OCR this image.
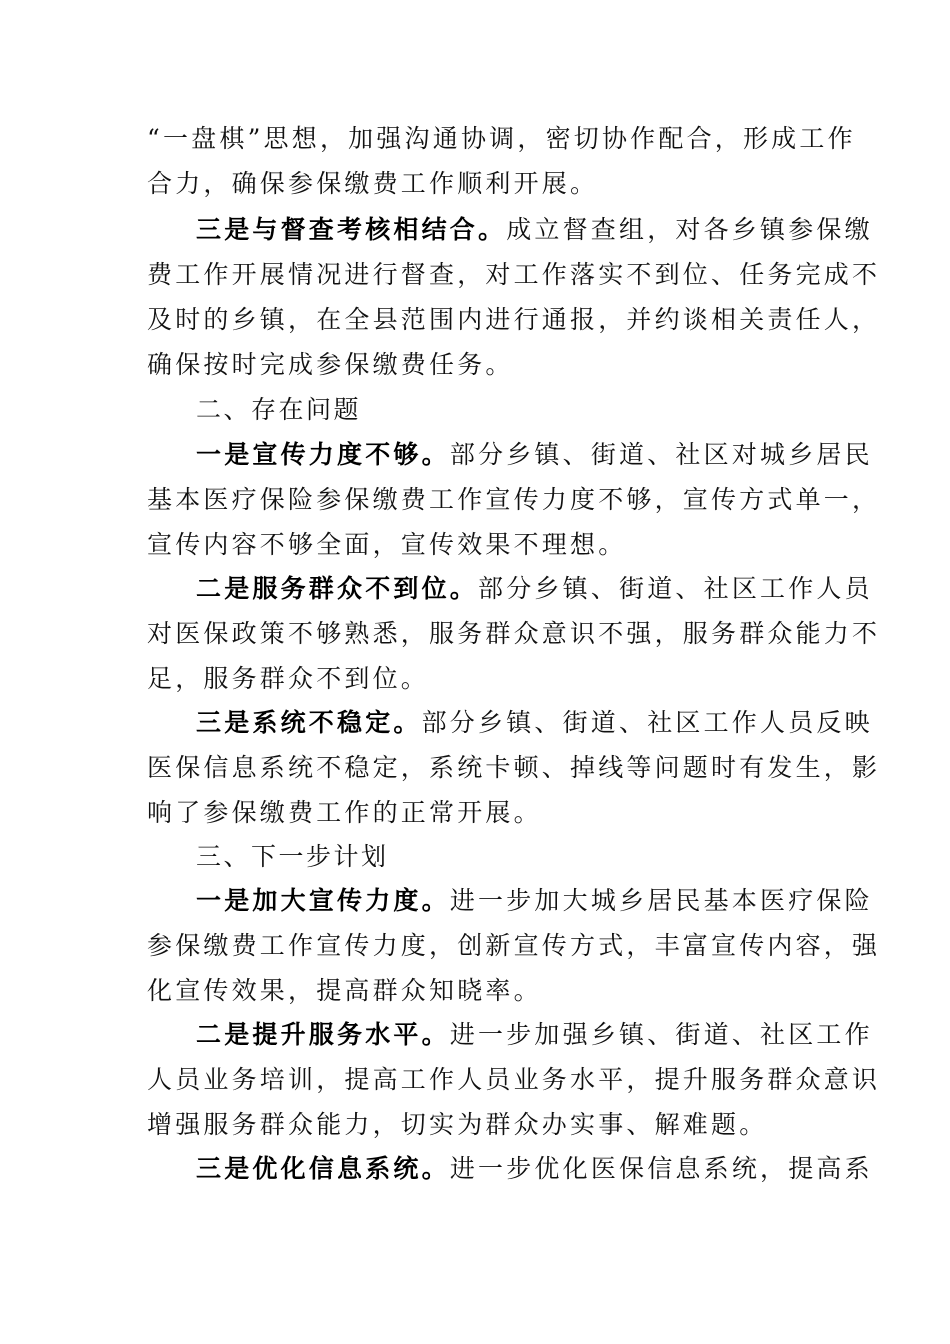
“一盘棋”思想，加强沟通协调，密切协作配合，形成工作
合力，确保参保缴费工作顺利开展。
三是与督查考核相结合。成立督查组，对各乡镇参保缴
费工作开展情况进行督查，对工作落实不到位、任务完成不
及时的乡镇，在全县范围内进行通报，并约谈相关责任人，
确保按时完成参保缴费任务。
二、存在问题
一是宣传力度不够。部分乡镇、街道、社区对城乡居民
基本医疗保险参保缴费工作宣传力度不够，宣传方式单一，
宣传内容不够全面，宣传效果不理想。
二是服务群众不到位。部分乡镇、街道、社区工作人员
对医保政策不够熟悉，服务群众意识不强，服务群众能力不
足，服务群众不到位。
三是系统不稳定。部分乡镇、街道、社区工作人员反映
医保信息系统不稳定，系统卡顿、掉线等问题时有发生，影
响了参保缴费工作的正常开展。
三、下一步计划
一是加大宣传力度。进一步加大城乡居民基本医疗保险
参保缴费工作宣传力度，创新宣传方式，丰富宣传内容，强
化宣传效果，提高群众知晓率。
二是提升服务水平。进一步加强乡镇、街道、社区工作
人员业务培训，提高工作人员业务水平，提升服务群众意识
增强服务群众能力，切实为群众办实事、解难题。
三是优化信息系统。进一步优化医保信息系统，提高系
